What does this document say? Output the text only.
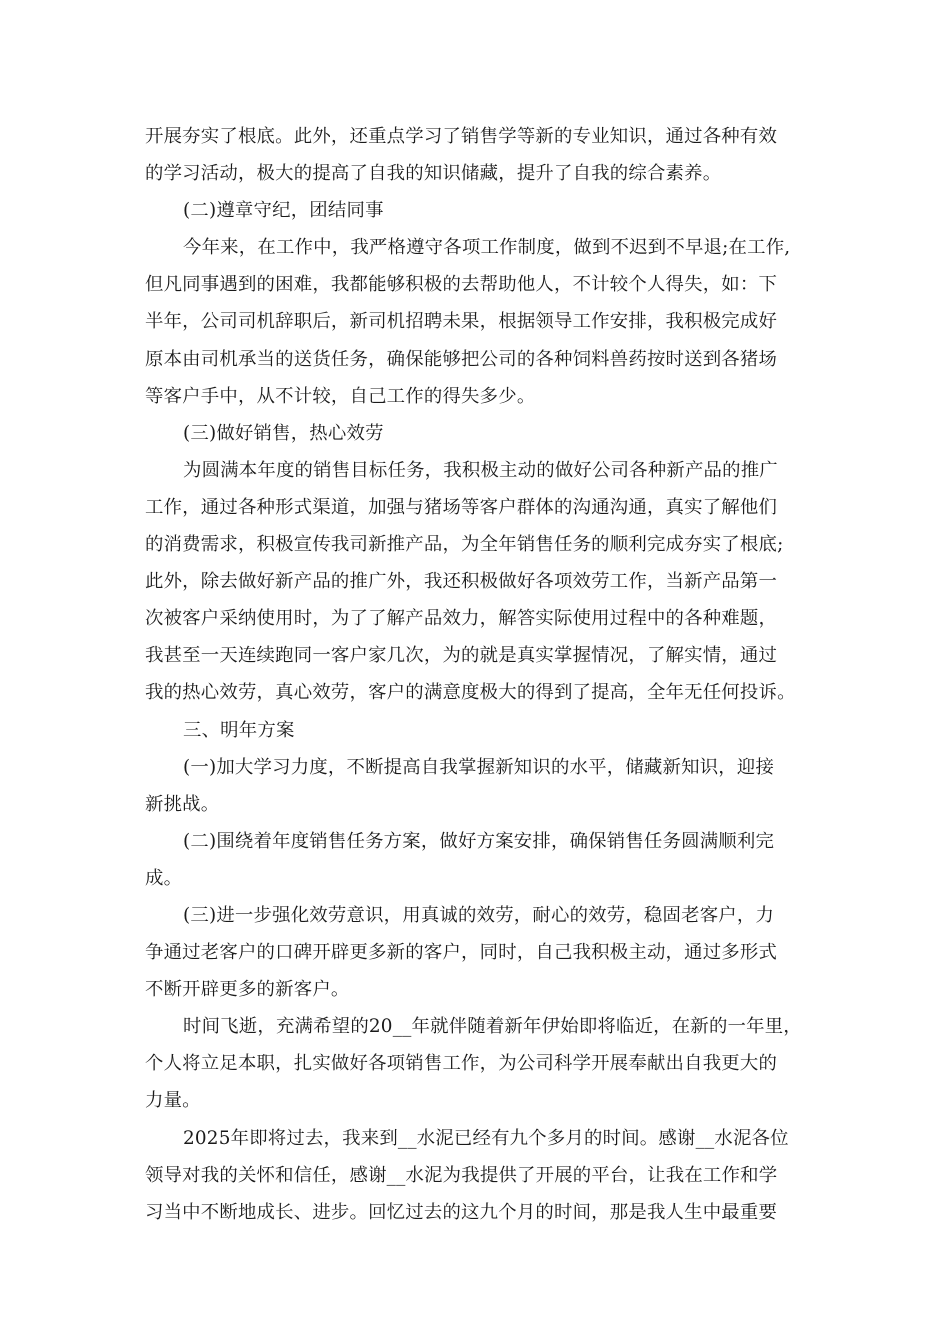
开展夯实了根底。此外，还重点学习了销售学等新的专业知识，通过各种有效
的学习活动，极大的提高了自我的知识储藏，提升了自我的综合素养。
(二)遵章守纪，团结同事
今年来，在工作中，我严格遵守各项工作制度，做到不迟到不早退;在工作,
但凡同事遇到的困难，我都能够积极的去帮助他人，不计较个人得失，如：下
半年，公司司机辞职后，新司机招聘未果，根据领导工作安排，我积极完成好
原本由司机承当的送货任务，确保能够把公司的各种饲料兽药按时送到各猪场
等客户手中，从不计较，自己工作的得失多少。
(三)做好销售，热心效劳
为圆满本年度的销售目标任务，我积极主动的做好公司各种新产品的推广
工作，通过各种形式渠道，加强与猪场等客户群体的沟通沟通，真实了解他们
的消费需求，积极宣传我司新推产品，为全年销售任务的顺利完成夯实了根底;
此外，除去做好新产品的推广外，我还积极做好各项效劳工作，当新产品第一
次被客户采纳使用时，为了了解产品效力，解答实际使用过程中的各种难题，
我甚至一天连续跑同一客户家几次，为的就是真实掌握情况，了解实情，通过
我的热心效劳，真心效劳，客户的满意度极大的得到了提高，全年无任何投诉。
三、明年方案
(一)加大学习力度，不断提高自我掌握新知识的水平，储藏新知识，迎接
新挑战。
(二)围绕着年度销售任务方案，做好方案安排，确保销售任务圆满顺利完
成。
(三)进一步强化效劳意识，用真诚的效劳，耐心的效劳，稳固老客户，力
争通过老客户的口碑开辟更多新的客户，同时，自己我积极主动，通过多形式
不断开辟更多的新客户。
时间飞逝，充满希望的20__年就伴随着新年伊始即将临近，在新的一年里，
个人将立足本职，扎实做好各项销售工作，为公司科学开展奉献出自我更大的
力量。
2025年即将过去，我来到__水泥已经有九个多月的时间。感谢__水泥各位
领导对我的关怀和信任，感谢__水泥为我提供了开展的平台，让我在工作和学
习当中不断地成长、进步。回忆过去的这九个月的时间，那是我人生中最重要
